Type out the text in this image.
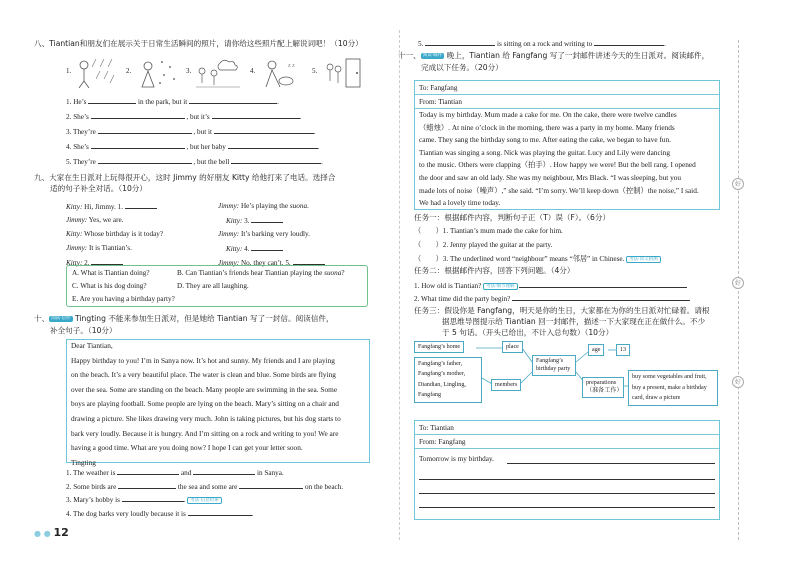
八、Tiantian和朋友们在展示关于日常生活瞬间的照片，请你给这些照片配上解说词吧！（10分）
1.	2.	3.	4.
z z
5.
1. He’s	in the park, but it	.
2. She’s	, but it’s	.
3. They’re	, but it	.
4. She’s	, but her baby	.
5. They’re	, but the bell	.
九、大家在生日派对上玩得很开心，这时 Jimmy 的好朋友 Kitty 给他打来了电话。选择合
适的句子补全对话。（10分）
Kitty: Hi, Jimmy. 1.	Jimmy: He’s playing the suona.
Jimmy: Yes, we are.	Kitty: 3.
Kitty: Whose birthday is it today?	Jimmy: It’s barking very loudly.
Jimmy: It is Tiantian’s.	Kitty: 4.
Kitty: 2.	Jimmy: No, they can’t. 5.
A. What is Tiantian doing?	B. Can Tiantian’s friends hear Tiantian playing the suona?
C. What is his dog doing?	D. They are all laughing.
E. Are you having a birthday party?
十、 阅读·信件 Tingting 不能来参加生日派对，但是她给 Tiantian 写了一封信。阅读信件，
补全句子。（10分）
Dear Tiantian,
Happy birthday to you! I’m in Sanya now. It’s hot and sunny. My friends and I are playing
on the beach. It’s a very beautiful place. The water is clean and blue. Some birds are flying
over the sea. Some are standing on the beach. Many people are swimming in the sea. Some
boys are playing football. Some people are lying on the beach. Mary’s sitting on a chair and
drawing a picture. She likes drawing very much. John is taking pictures, but his dog starts to
bark very loudly. Because it is hungry. And I’m sitting on a rock and writing to you! We are
having a good time. What are you doing now? I hope I can get your letter soon.
Tingting
1. The weather is	and	in Sanya.
2. Some birds are	the sea and some are	on the beach.
3. Mary’s hobby is	. 考法·信息检索
4. The dog barks very loudly because it is	.
● ● 12
5.	is sitting on a rock and writing to	.
十一、 阅读·邮件 晚上，Tiantian 给 Fangfang 写了一封邮件讲述今天的生日派对。阅读邮件，
完成以下任务。（20分）
To: Fangfang
From: Tiantian
Today is my birthday. Mum made a cake for me. On the cake, there were twelve candles
（蜡烛）. At nine o’clock in the morning, there was a party in my home. Many friends
came. They sang the birthday song to me. After eating the cake, we began to have fun.
Tiantian was singing a song. Nick was playing the guitar. Lucy and Lily were dancing
to the music. Others were clapping（拍手）. How happy we were! But the bell rang. I opened
the door and saw an old lady. She was my neighbour, Mrs Black. “I was sleeping, but you
made lots of noise（噪声）,” she said. “I’m sorry. We’ll keep down（控制）the noise,” I said.
We had a lovely time today.
任务一：根据邮件内容，判断句子正（T）误（F）。（6分）
（　　）1. Tiantian’s mum made the cake for him.
（　　）2. Jenny played the guitar at the party.
（　　）3. The underlined word “neighbour” means “邻居” in Chinese. 考法·词义猜测
任务二：根据邮件内容，回答下列问题。（4分）
1. How old is Tiantian? 考法·细节理解
2. What time did the party begin?
任务三：假设你是 Fangfang，明天是你的生日，大家都在为你的生日派对忙碌着。请根
据思维导图提示给 Tiantian 回一封邮件，描述一下大家现在正在做什么。不少
于 5 句话。（开头已给出，不计入总句数）（10分）
Fangfang’s home	place
Fangfang’s birthday party
age	13
Fangfang’s father, Fangfang’s mother, Diandian, Lingling, Fangfang
members	preparations（准备工作）
buy some vegetables and fruit, buy a present, make a birthday card, draw a picture
To: Tiantian
From: Fangfang
Tomorrow is my birthday.
好
好
好
